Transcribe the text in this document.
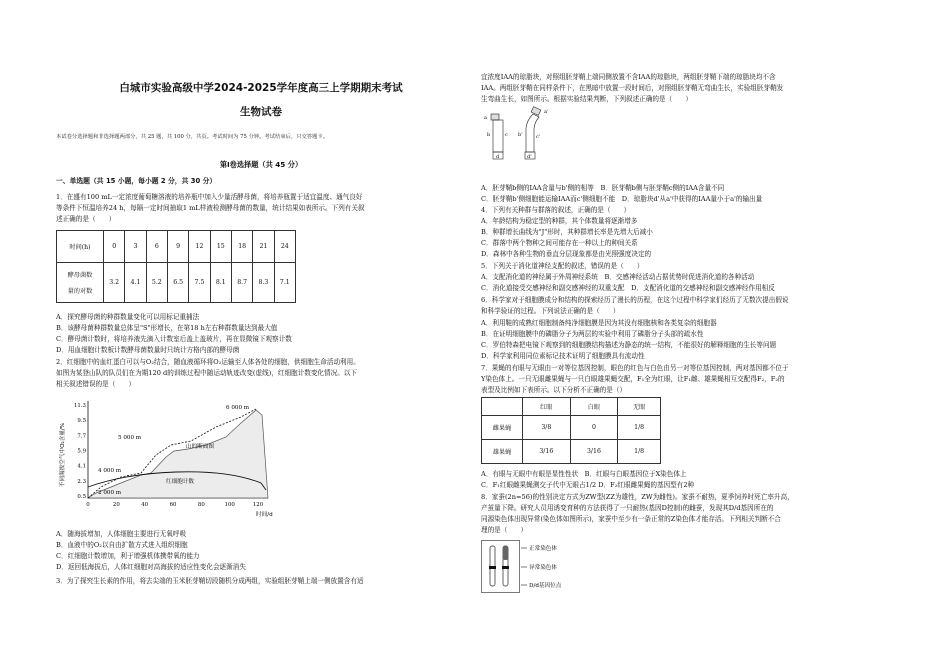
白城市实验高级中学2024-2025学年度高三上学期期末考试
生物试卷
本试卷分选择题和非选择题两部分，共 25 题，共 100 分，共页。考试时间为 75 分钟。考试结束后，只交答题卡。
第Ⅰ卷选择题（共 45 分）
一、单选题（共 15 小题，每小题 2 分，共 30 分）
1．在盛有100 mL一定浓度葡萄糖溶液的培养瓶中加入少量活酵母菌，将培养瓶置于适宜温度、通气良好
等条件下恒温培养24 h，每隔一定时间抽取1 mL样液检测酵母菌的数量，统计结果如表所示。下列有关叙
述正确的是（　　）
时间(h)	0	3	6	9	12	15	18	21	24
酵母菌数

量的对数	3.2	4.1	5.2	6.5	7.5	8.1	8.7	8.3	7.1
A．探究酵母菌的种群数量变化可以用标记重捕法
B．该酵母菌种群数量总体呈"S"形增长，在第18 h左右种群数量达到最大值
C．酵母菌计数时，将培养液先滴入计数室后盖上盖玻片，再在显微镜下观察计数
D．用血细胞计数板计数酵母菌数量时只统计方格内部的酵母菌
2．红细胞中的血红蛋白可以与O₂结合，随血液循环将O₂运输至人体各处的细胞，供细胞生命活动利用。
如图为某登山队的队员们在为期120 d的训练过程中随运动轨迹改变(虚线)，红细胞计数变化情况。以下
相关叙述错误的是（　　）
不同海拔空气中O₂含量/%
11.3
9.5
7.7
5.9
4.1
2.3
0.5
0	20	40	60	80	100	120
时间/d
6 000 m
5 000 m
4 000 m
2 000 m
山的断面图
红细胞计数
A．随海拔增加，人体细胞主要进行无氧呼吸
B．血液中的O₂以自由扩散方式进入组织细胞
C．红细胞计数增加，利于增强机体携带氧的能力
D．返回低海拔后，人体红细胞对高海拔的适应性变化会逐渐消失
3．为了探究生长素的作用，将去尖端的玉米胚芽鞘切段随机分成两组，实验组胚芽鞘上端一侧放置含有适
宜浓度IAA的琼脂块，对照组胚芽鞘上端同侧放置不含IAA的琼脂块，两组胚芽鞘下端的琼脂块均不含
IAA。两组胚芽鞘在同样条件下，在黑暗中放置一段时间后，对照组胚芽鞘无弯曲生长，实验组胚芽鞘发
生弯曲生长，如图所示。根据实验结果判断，下列叙述正确的是（　　）
a
b	c
d
a'
b'	c'
d'
A．胚芽鞘b侧的IAA含量与b'侧的相等　B．胚芽鞘b侧与胚芽鞘c侧的IAA含量不同
C．胚芽鞘b'侧细胞能运输IAA而c'侧细胞不能　D．琼脂块d'从a'中获得的IAA量小于a'的输出量
4．下列有关种群与群落的叙述，正确的是（　　）
A．年龄结构为稳定型的种群，其个体数量将逐渐增多
B．种群增长曲线为"J"形时，其种群增长率是先增大后减小
C．群落中两个物种之间可能存在一种以上的种间关系
D．森林中各种生物的垂直分层现象都是由光照强度决定的
5．下列关于消化道神经支配的叙述，错误的是（　　）
A．支配消化道的神经属于外周神经系统　B．交感神经活动占据优势时促进消化道的各种活动
C．消化道接受交感神经和副交感神经的双重支配　D．支配消化道的交感神经和副交感神经作用相反
6．科学家对于细胞膜成分和结构的探索经历了漫长的历程，在这个过程中科学家们经历了无数次提出假说
和科学验证的过程。下列说法正确的是（　　）
A．利用鞋的成熟红细胞制备纯净细胞膜是因为其没有细胞核和各类复杂的细胞器
B．在证明细胞膜中的磷脂分子为两层的实验中利用了磷脂分子头部的疏水性
C．罗伯特森把电镜下观察到的细胞膜结构描述为静态的统一结构，不能很好的解释细胞的生长等问题
D．科学家利用同位素标记技术证明了细胞膜具有流动性
7．果蝇的有眼与无眼由一对等位基因控制，眼色的红色与白色由另一对等位基因控制，两对基因都不位于
Y染色体上。一只无眼雌果蝇与一只白眼雄果蝇交配，F₁全为红眼，让F₁雌、雄果蝇相互交配得F₂，F₂的
表型及比例如下表所示。以下分析不正确的是（）
	红眼	白眼	无眼
雌果蝇	3/8	0	1/8
雄果蝇	3/16	3/16	1/8
A．有眼与无眼中有眼是显性性状　B．红眼与白眼基因位于X染色体上
C．F₁红眼雌果蝇测交子代中无眼占1/2 D．F₂红眼雌果蝇的基因型有2种
8．家蚕(2n=56)的性别决定方式为ZW型(ZZ为雄性，ZW为雌性)。家蚕不耐热，夏季饲养时死亡率升高，
产茧量下降。研究人员用诱变育种的方法获得了一只耐热(基因D控制)的雌蚕，发现其D/d基因所在的
同源染色体出现异常(染色体如图所示)，家蚕中至少有一条正常的Z染色体才能存活。下列相关判断不合
理的是（　　）
正常染色体
异常染色体
D/d基因位点
